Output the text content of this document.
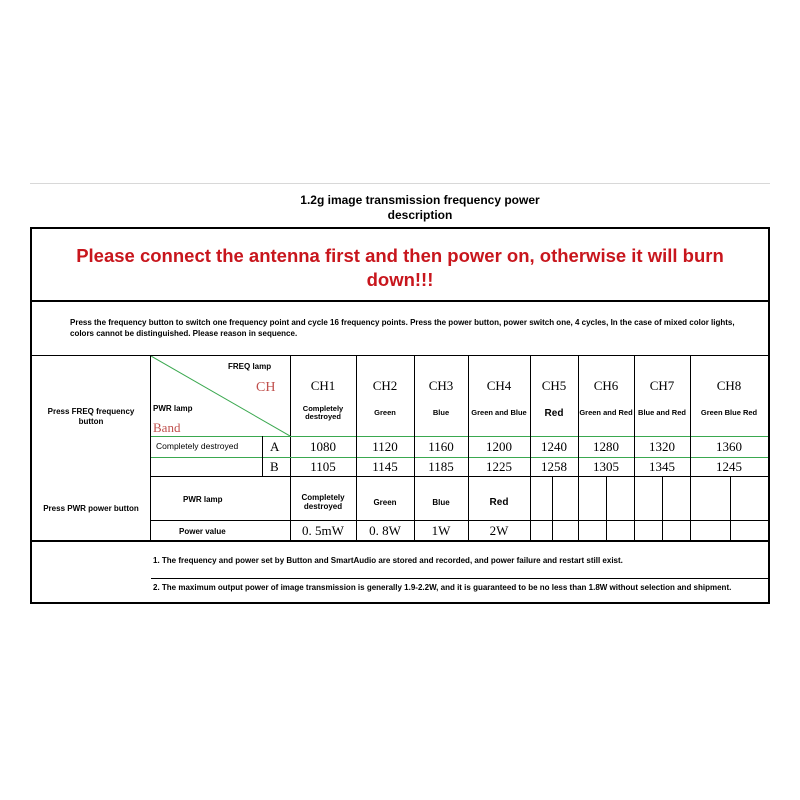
1.2g image transmission frequency power description
Please connect the antenna first and then power on, otherwise it will burn down!!!
Press the frequency button to switch one frequency point and cycle 16 frequency points. Press the power button, power switch one, 4 cycles, In the case of mixed color lights, colors cannot be distinguished. Please reason in sequence.
Press FREQ frequency button
FREQ lamp
CH
PWR lamp
Band
Completely destroyed A
B
CH1
Completely destroyed
1080
1105
CH2
Green
1120
1145
CH3
Blue
1160
1185
CH4
Green and Blue
1200
1225
CH5
Red
1240
1258
CH6
Green and Red
1280
1305
CH7
Blue and Red
1320
1345
CH8
Green Blue Red
1360
1245
Press PWR power button
PWR lamp
Power value
Completely destroyed
0. 5mW
Green
0. 8W
Blue
1W
Red
2W
1. The frequency and power set by Button and SmartAudio are stored and recorded, and power failure and restart still exist.
2. The maximum output power of image transmission is generally 1.9-2.2W, and it is guaranteed to be no less than 1.8W without selection and shipment.
